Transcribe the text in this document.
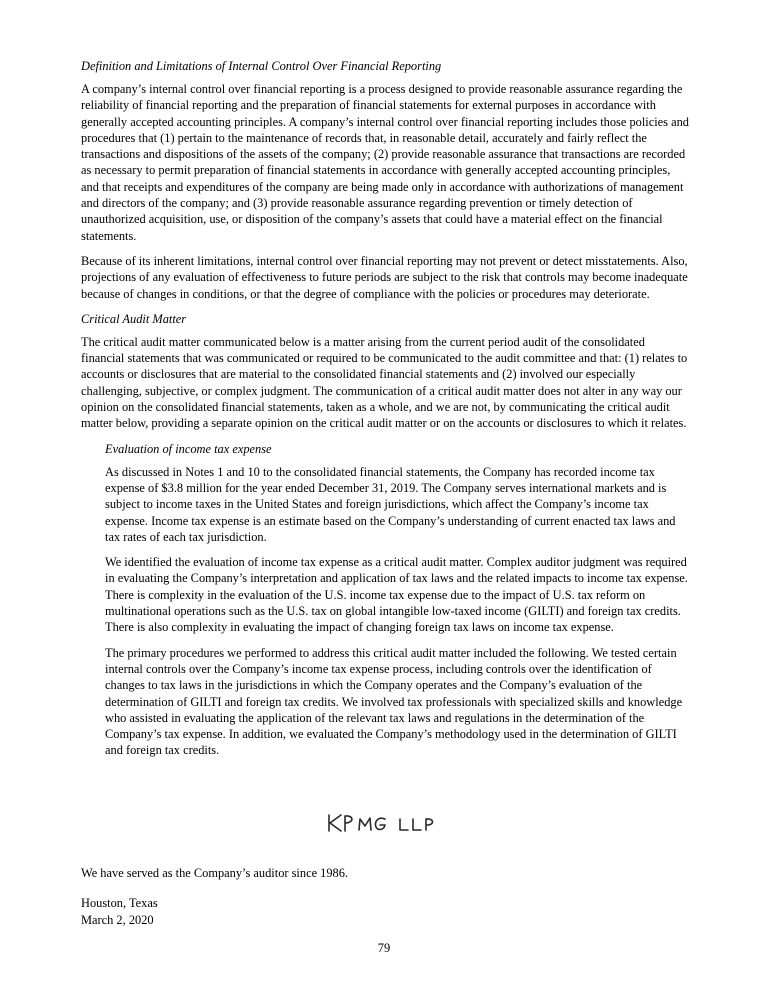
Definition and Limitations of Internal Control Over Financial Reporting

A company’s internal control over financial reporting is a process designed to provide reasonable assurance regarding the reliability of financial reporting and the preparation of financial statements for external purposes in accordance with generally accepted accounting principles. A company’s internal control over financial reporting includes those policies and procedures that (1) pertain to the maintenance of records that, in reasonable detail, accurately and fairly reflect the transactions and dispositions of the assets of the company; (2) provide reasonable assurance that transactions are recorded as necessary to permit preparation of financial statements in accordance with generally accepted accounting principles, and that receipts and expenditures of the company are being made only in accordance with authorizations of management and directors of the company; and (3) provide reasonable assurance regarding prevention or timely detection of unauthorized acquisition, use, or disposition of the company’s assets that could have a material effect on the financial statements.

Because of its inherent limitations, internal control over financial reporting may not prevent or detect misstatements. Also, projections of any evaluation of effectiveness to future periods are subject to the risk that controls may become inadequate because of changes in conditions, or that the degree of compliance with the policies or procedures may deteriorate.

Critical Audit Matter

The critical audit matter communicated below is a matter arising from the current period audit of the consolidated financial statements that was communicated or required to be communicated to the audit committee and that: (1) relates to accounts or disclosures that are material to the consolidated financial statements and (2) involved our especially challenging, subjective, or complex judgment. The communication of a critical audit matter does not alter in any way our opinion on the consolidated financial statements, taken as a whole, and we are not, by communicating the critical audit matter below, providing a separate opinion on the critical audit matter or on the accounts or disclosures to which it relates.

Evaluation of income tax expense

As discussed in Notes 1 and 10 to the consolidated financial statements, the Company has recorded income tax expense of $3.8 million for the year ended December 31, 2019. The Company serves international markets and is subject to income taxes in the United States and foreign jurisdictions, which affect the Company’s income tax expense. Income tax expense is an estimate based on the Company’s understanding of current enacted tax laws and tax rates of each tax jurisdiction.

We identified the evaluation of income tax expense as a critical audit matter. Complex auditor judgment was required in evaluating the Company’s interpretation and application of tax laws and the related impacts to income tax expense. There is complexity in the evaluation of the U.S. income tax expense due to the impact of U.S. tax reform on multinational operations such as the U.S. tax on global intangible low-taxed income (GILTI) and foreign tax credits. There is also complexity in evaluating the impact of changing foreign tax laws on income tax expense.

The primary procedures we performed to address this critical audit matter included the following. We tested certain internal controls over the Company’s income tax expense process, including controls over the identification of changes to tax laws in the jurisdictions in which the Company operates and the Company’s evaluation of the determination of GILTI and foreign tax credits. We involved tax professionals with specialized skills and knowledge who assisted in evaluating the application of the relevant tax laws and regulations in the determination of the Company’s tax expense. In addition, we evaluated the Company’s methodology used in the determination of GILTI and foreign tax credits.

We have served as the Company’s auditor since 1986.

Houston, Texas

March 2, 2020

79
